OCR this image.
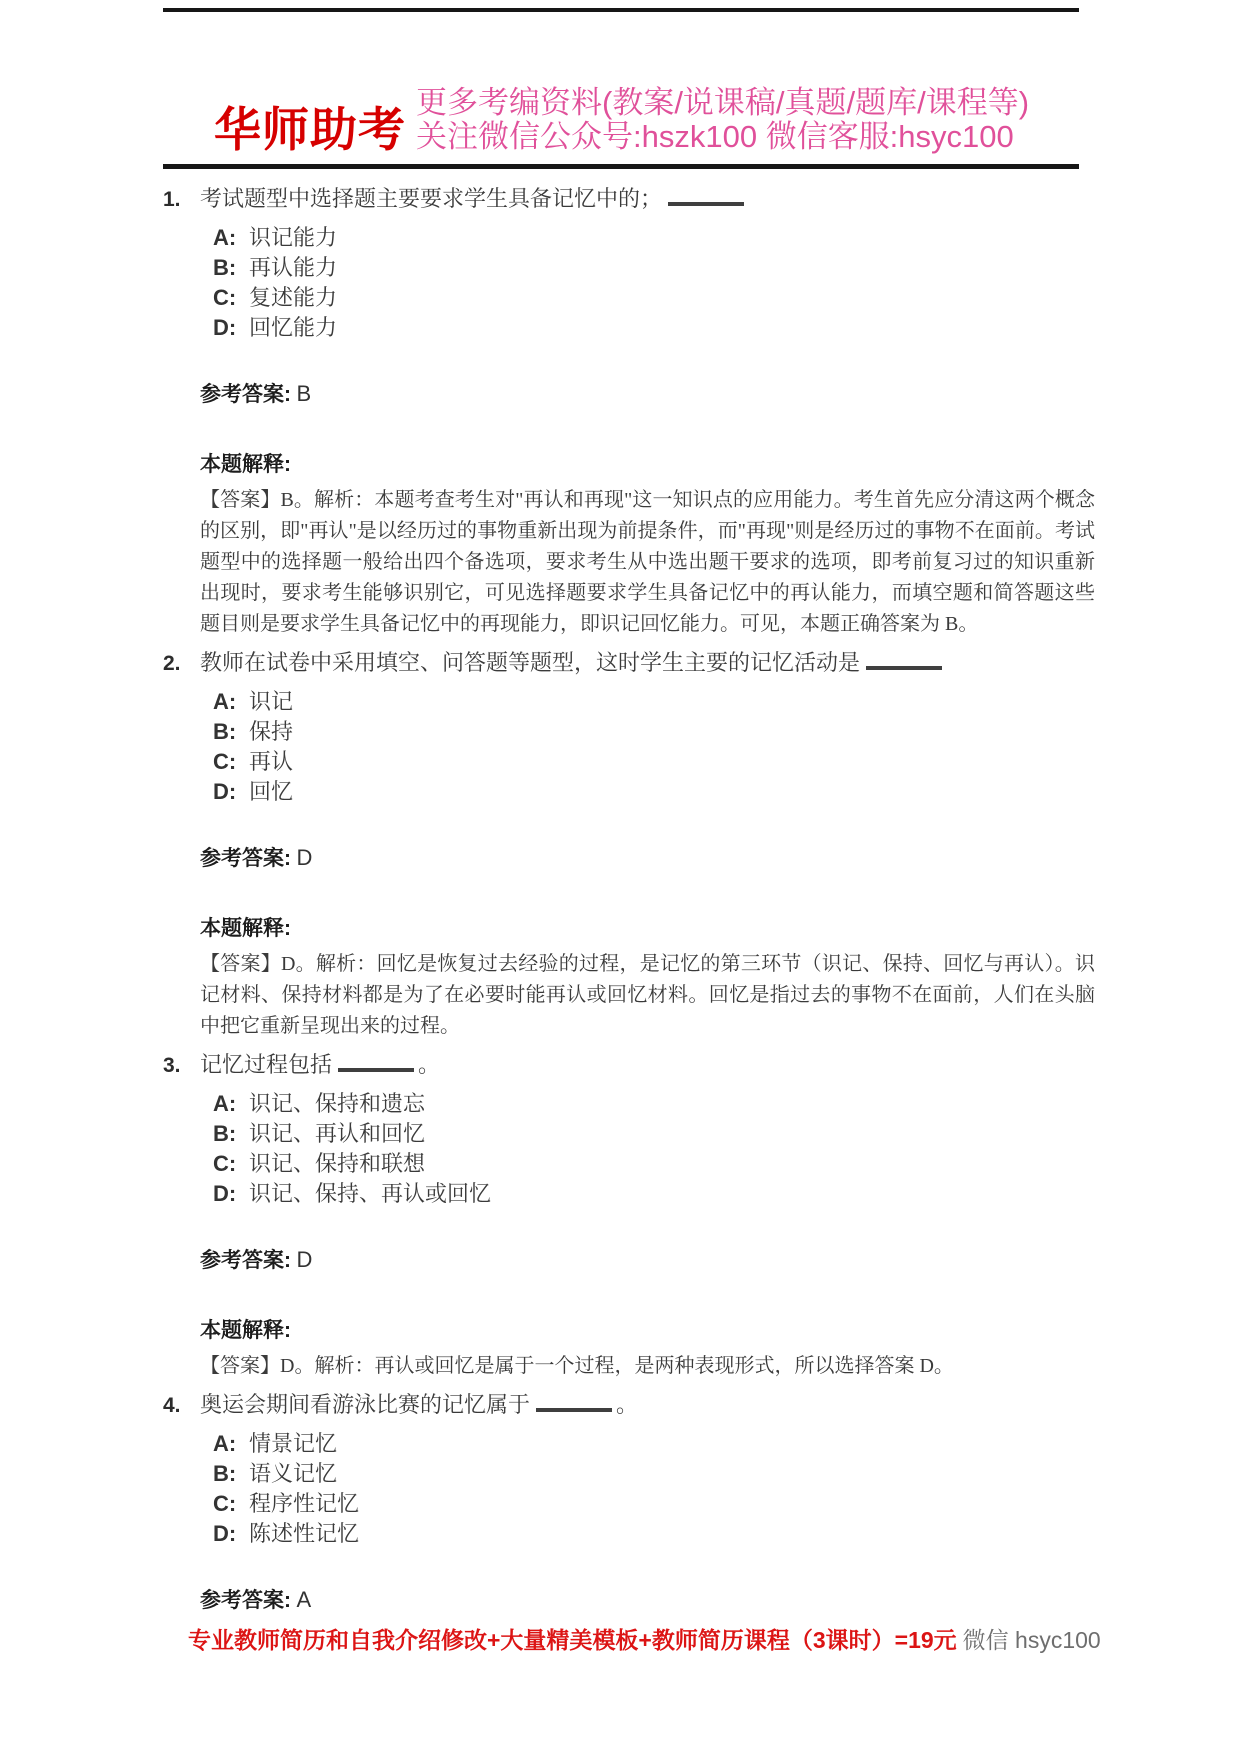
华师助考
更多考编资料(教案/说课稿/真题/题库/课程等)
关注微信公众号:hszk100 微信客服:hsyc100
1. 考试题型中选择题主要要求学生具备记忆中的；
A: 识记能力
B: 再认能力
C: 复述能力
D: 回忆能力
参考答案: B
本题解释:
【答案】B。解析：本题考查考生对"再认和再现"这一知识点的应用能力。考生首先应分清这两个概念的区别，即"再认"是以经历过的事物重新出现为前提条件，而"再现"则是经历过的事物不在面前。考试题型中的选择题一般给出四个备选项，要求考生从中选出题干要求的选项，即考前复习过的知识重新出现时，要求考生能够识别它，可见选择题要求学生具备记忆中的再认能力，而填空题和简答题这些题目则是要求学生具备记忆中的再现能力，即识记回忆能力。可见，本题正确答案为 B。
2. 教师在试卷中采用填空、问答题等题型，这时学生主要的记忆活动是
A: 识记
B: 保持
C: 再认
D: 回忆
参考答案: D
本题解释:
【答案】D。解析：回忆是恢复过去经验的过程，是记忆的第三环节（识记、保持、回忆与再认）。识记材料、保持材料都是为了在必要时能再认或回忆材料。回忆是指过去的事物不在面前，人们在头脑中把它重新呈现出来的过程。
3. 记忆过程包括	。
A: 识记、保持和遗忘
B: 识记、再认和回忆
C: 识记、保持和联想
D: 识记、保持、再认或回忆
参考答案: D
本题解释:
【答案】D。解析：再认或回忆是属于一个过程，是两种表现形式，所以选择答案 D。
4. 奥运会期间看游泳比赛的记忆属于	。
A: 情景记忆
B: 语义记忆
C: 程序性记忆
D: 陈述性记忆
参考答案: A
专业教师简历和自我介绍修改+大量精美模板+教师简历课程（3课时）=19元 微信 hsyc100
